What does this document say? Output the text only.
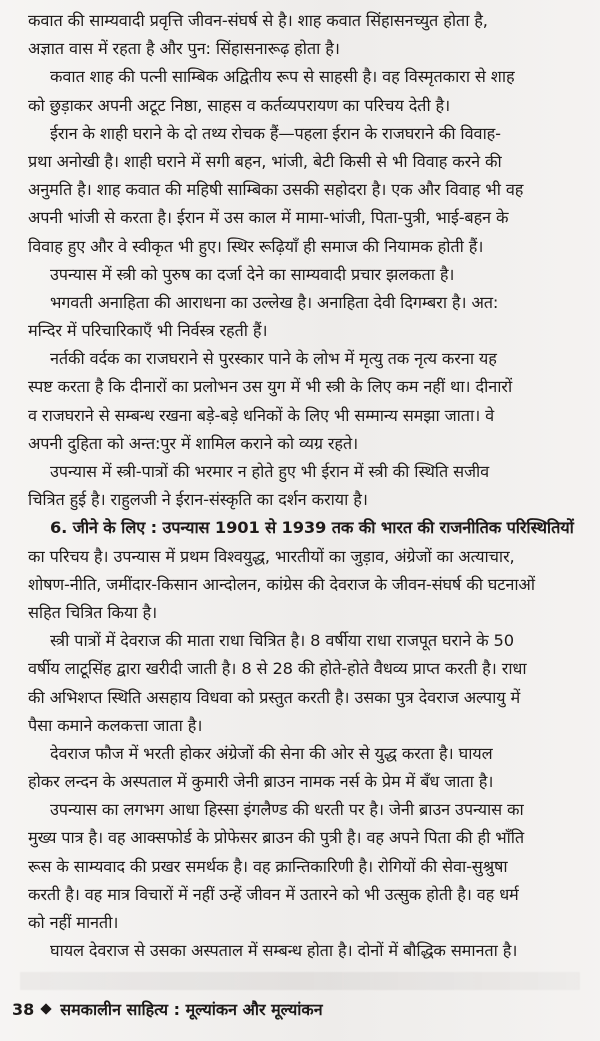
कवात की साम्यवादी प्रवृत्ति जीवन-संघर्ष से है। शाह कवात सिंहासनच्युत होता है,
अज्ञात वास में रहता है और पुन: सिंहासनारूढ़ होता है।
कवात शाह की पत्नी साम्बिक अद्वितीय रूप से साहसी है। वह विस्मृतकारा से शाह
को छुड़ाकर अपनी अटूट निष्ठा, साहस व कर्तव्यपरायण का परिचय देती है।
ईरान के शाही घराने के दो तथ्य रोचक हैं—पहला ईरान के राजघराने की विवाह-
प्रथा अनोखी है। शाही घराने में सगी बहन, भांजी, बेटी किसी से भी विवाह करने की
अनुमति है। शाह कवात की महिषी साम्बिका उसकी सहोदरा है। एक और विवाह भी वह
अपनी भांजी से करता है। ईरान में उस काल में मामा-भांजी, पिता-पुत्री, भाई-बहन के
विवाह हुए और वे स्वीकृत भी हुए। स्थिर रूढ़ियाँ ही समाज की नियामक होती हैं।
उपन्यास में स्त्री को पुरुष का दर्जा देने का साम्यवादी प्रचार झलकता है।
भगवती अनाहिता की आराधना का उल्लेख है। अनाहिता देवी दिगम्बरा है। अत:
मन्दिर में परिचारिकाएँ भी निर्वस्त्र रहती हैं।
नर्तकी वर्दक का राजघराने से पुरस्कार पाने के लोभ में मृत्यु तक नृत्य करना यह
स्पष्ट करता है कि दीनारों का प्रलोभन उस युग में भी स्त्री के लिए कम नहीं था। दीनारों
व राजघराने से सम्बन्ध रखना बड़े-बड़े धनिकों के लिए भी सम्मान्य समझा जाता। वे
अपनी दुहिता को अन्त:पुर में शामिल कराने को व्यग्र रहते।
उपन्यास में स्त्री-पात्रों की भरमार न होते हुए भी ईरान में स्त्री की स्थिति सजीव
चित्रित हुई है। राहुलजी ने ईरान-संस्कृति का दर्शन कराया है।
6. जीने के लिए : उपन्यास 1901 से 1939 तक की भारत की राजनीतिक परिस्थितियों
का परिचय है। उपन्यास में प्रथम विश्वयुद्ध, भारतीयों का जुड़ाव, अंग्रेजों का अत्याचार,
शोषण-नीति, जमींदार-किसान आन्दोलन, कांग्रेस की देवराज के जीवन-संघर्ष की घटनाओं
सहित चित्रित किया है।
स्त्री पात्रों में देवराज की माता राधा चित्रित है। 8 वर्षीया राधा राजपूत घराने के 50
वर्षीय लाटूसिंह द्वारा खरीदी जाती है। 8 से 28 की होते-होते वैधव्य प्राप्त करती है। राधा
की अभिशप्त स्थिति असहाय विधवा को प्रस्तुत करती है। उसका पुत्र देवराज अल्पायु में
पैसा कमाने कलकत्ता जाता है।
देवराज फौज में भरती होकर अंग्रेजों की सेना की ओर से युद्ध करता है। घायल
होकर लन्दन के अस्पताल में कुमारी जेनी ब्राउन नामक नर्स के प्रेम में बँध जाता है।
उपन्यास का लगभग आधा हिस्सा इंगलैण्ड की धरती पर है। जेनी ब्राउन उपन्यास का
मुख्य पात्र है। वह आक्सफोर्ड के प्रोफेसर ब्राउन की पुत्री है। वह अपने पिता की ही भाँति
रूस के साम्यवाद की प्रखर समर्थक है। वह क्रान्तिकारिणी है। रोगियों की सेवा-सुश्रुषा
करती है। वह मात्र विचारों में नहीं उन्हें जीवन में उतारने को भी उत्सुक होती है। वह धर्म
को नहीं मानती।
घायल देवराज से उसका अस्पताल में सम्बन्ध होता है। दोनों में बौद्धिक समानता है।
38 समकालीन साहित्य : मूल्यांकन और मूल्यांकन
